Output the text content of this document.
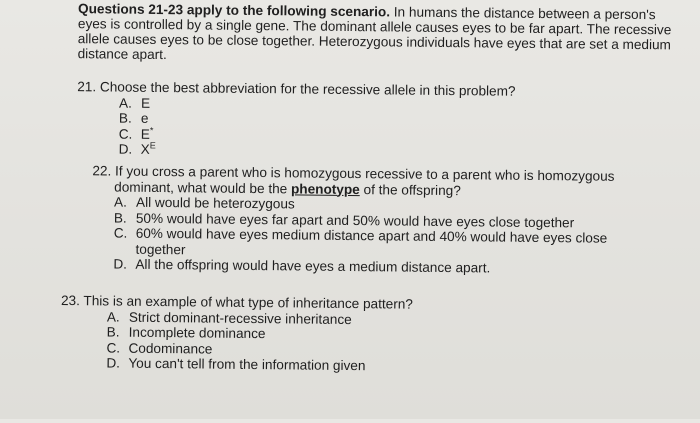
Questions 21-23 apply to the following scenario. In humans the distance between a person's eyes is controlled by a single gene. The dominant allele causes eyes to be far apart. The recessive allele causes eyes to be close together. Heterozygous individuals have eyes that are set a medium distance apart.
21. Choose the best abbreviation for the recessive allele in this problem?
A. E
B. e
C. E*
D. $X^E$
22. If you cross a parent who is homozygous recessive to a parent who is homozygous
dominant, what would be the phenotype of the offspring?
A. All would be heterozygous
B. 50% would have eyes far apart and 50% would have eyes close together
C. 60% would have eyes medium distance apart and 40% would have eyes close
together
D. All the offspring would have eyes a medium distance apart.
23. This is an example of what type of inheritance pattern?
A. Strict dominant-recessive inheritance
B. Incomplete dominance
C. Codominance
D. You can't tell from the information given
